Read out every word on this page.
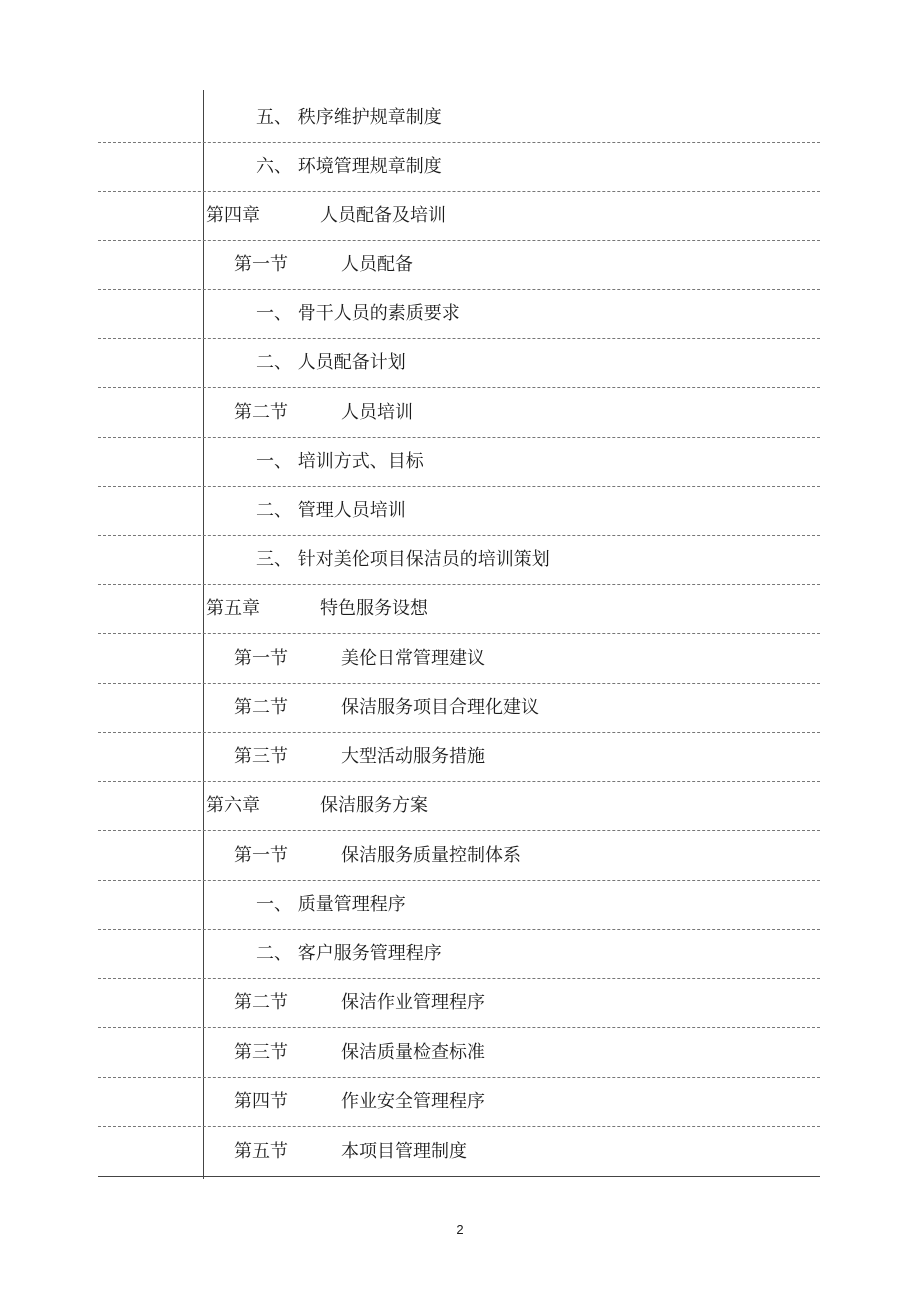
五、 秩序维护规章制度
六、 环境管理规章制度
第四章	人员配备及培训
第一节	人员配备
一、 骨干人员的素质要求
二、 人员配备计划
第二节	人员培训
一、 培训方式、目标
二、 管理人员培训
三、 针对美伦项目保洁员的培训策划
第五章	特色服务设想
第一节	美伦日常管理建议
第二节	保洁服务项目合理化建议
第三节	大型活动服务措施
第六章	保洁服务方案
第一节	保洁服务质量控制体系
一、 质量管理程序
二、 客户服务管理程序
第二节	保洁作业管理程序
第三节	保洁质量检查标准
第四节	作业安全管理程序
第五节	本项目管理制度
2
